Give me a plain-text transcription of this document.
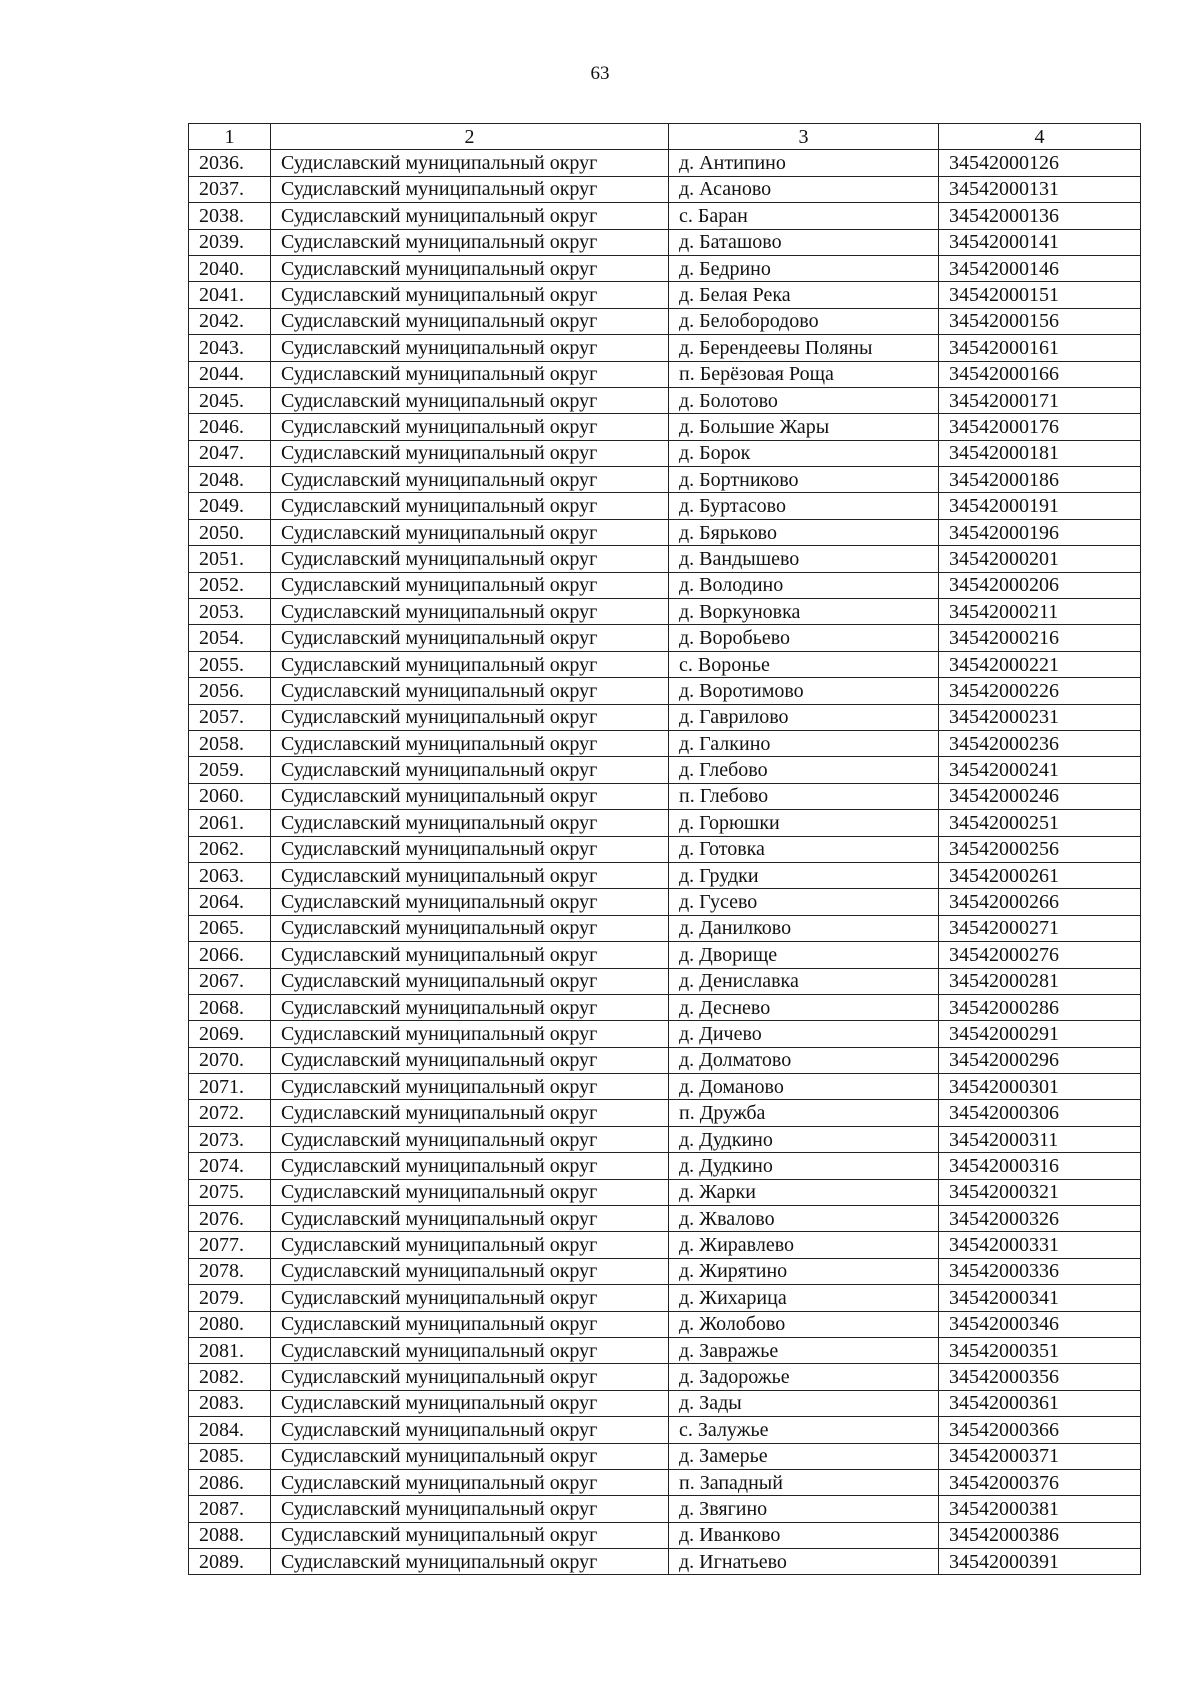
63
1	2	3	4
2036.	Судиславский муниципальный округ	д. Антипино	34542000126
2037.	Судиславский муниципальный округ	д. Асаново	34542000131
2038.	Судиславский муниципальный округ	с. Баран	34542000136
2039.	Судиславский муниципальный округ	д. Баташово	34542000141
2040.	Судиславский муниципальный округ	д. Бедрино	34542000146
2041.	Судиславский муниципальный округ	д. Белая Река	34542000151
2042.	Судиславский муниципальный округ	д. Белобородово	34542000156
2043.	Судиславский муниципальный округ	д. Берендеевы Поляны	34542000161
2044.	Судиславский муниципальный округ	п. Берёзовая Роща	34542000166
2045.	Судиславский муниципальный округ	д. Болотово	34542000171
2046.	Судиславский муниципальный округ	д. Большие Жары	34542000176
2047.	Судиславский муниципальный округ	д. Борок	34542000181
2048.	Судиславский муниципальный округ	д. Бортниково	34542000186
2049.	Судиславский муниципальный округ	д. Буртасово	34542000191
2050.	Судиславский муниципальный округ	д. Бярьково	34542000196
2051.	Судиславский муниципальный округ	д. Вандышево	34542000201
2052.	Судиславский муниципальный округ	д. Володино	34542000206
2053.	Судиславский муниципальный округ	д. Воркуновка	34542000211
2054.	Судиславский муниципальный округ	д. Воробьево	34542000216
2055.	Судиславский муниципальный округ	с. Воронье	34542000221
2056.	Судиславский муниципальный округ	д. Воротимово	34542000226
2057.	Судиславский муниципальный округ	д. Гаврилово	34542000231
2058.	Судиславский муниципальный округ	д. Галкино	34542000236
2059.	Судиславский муниципальный округ	д. Глебово	34542000241
2060.	Судиславский муниципальный округ	п. Глебово	34542000246
2061.	Судиславский муниципальный округ	д. Горюшки	34542000251
2062.	Судиславский муниципальный округ	д. Готовка	34542000256
2063.	Судиславский муниципальный округ	д. Грудки	34542000261
2064.	Судиславский муниципальный округ	д. Гусево	34542000266
2065.	Судиславский муниципальный округ	д. Данилково	34542000271
2066.	Судиславский муниципальный округ	д. Дворище	34542000276
2067.	Судиславский муниципальный округ	д. Дениславка	34542000281
2068.	Судиславский муниципальный округ	д. Деснево	34542000286
2069.	Судиславский муниципальный округ	д. Дичево	34542000291
2070.	Судиславский муниципальный округ	д. Долматово	34542000296
2071.	Судиславский муниципальный округ	д. Доманово	34542000301
2072.	Судиславский муниципальный округ	п. Дружба	34542000306
2073.	Судиславский муниципальный округ	д. Дудкино	34542000311
2074.	Судиславский муниципальный округ	д. Дудкино	34542000316
2075.	Судиславский муниципальный округ	д. Жарки	34542000321
2076.	Судиславский муниципальный округ	д. Жвалово	34542000326
2077.	Судиславский муниципальный округ	д. Жиравлево	34542000331
2078.	Судиславский муниципальный округ	д. Жирятино	34542000336
2079.	Судиславский муниципальный округ	д. Жихарица	34542000341
2080.	Судиславский муниципальный округ	д. Жолобово	34542000346
2081.	Судиславский муниципальный округ	д. Завражье	34542000351
2082.	Судиславский муниципальный округ	д. Задорожье	34542000356
2083.	Судиславский муниципальный округ	д. Зады	34542000361
2084.	Судиславский муниципальный округ	с. Залужье	34542000366
2085.	Судиславский муниципальный округ	д. Замерье	34542000371
2086.	Судиславский муниципальный округ	п. Западный	34542000376
2087.	Судиславский муниципальный округ	д. Звягино	34542000381
2088.	Судиславский муниципальный округ	д. Иванково	34542000386
2089.	Судиславский муниципальный округ	д. Игнатьево	34542000391
